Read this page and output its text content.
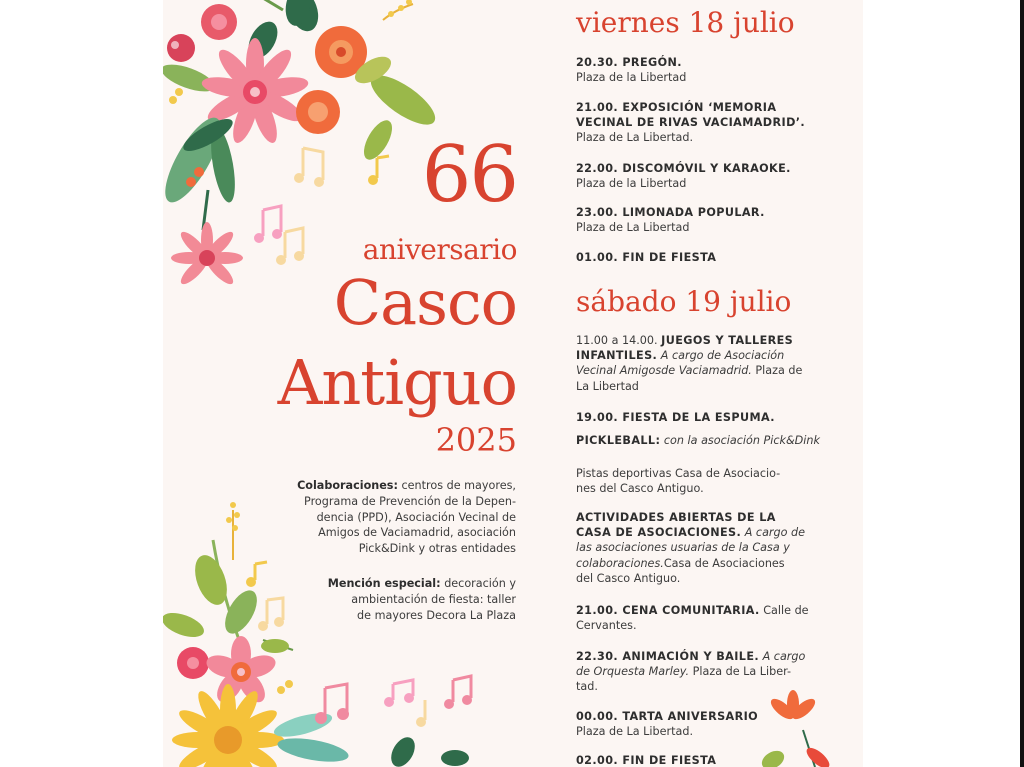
66
aniversario
Casco
Antiguo
2025
Colaboraciones: centros de mayores,
Programa de Prevención de la Depen-
dencia (PPD), Asociación Vecinal de
Amigos de Vaciamadrid, asociación
Pick&Dink y otras entidades
Mención especial: decoración y
ambientación de fiesta: taller
de mayores Decora La Plaza
viernes 18 julio
20.30. PREGÓN.
Plaza de la Libertad
21.00. EXPOSICIÓN ‘MEMORIA
VECINAL DE RIVAS VACIAMADRID’.
Plaza de La Libertad.
22.00. DISCOMÓVIL Y KARAOKE.
Plaza de la Libertad
23.00. LIMONADA POPULAR.
Plaza de La Libertad
01.00. FIN DE FIESTA
sábado 19 julio
11.00 a 14.00. JUEGOS Y TALLERES
INFANTILES. A cargo de Asociación
Vecinal Amigosde Vaciamadrid. Plaza de
La Libertad
19.00. FIESTA DE LA ESPUMA.
PICKLEBALL: con la asociación Pick&Dink
Pistas deportivas Casa de Asociacio-
nes del Casco Antiguo.
ACTIVIDADES ABIERTAS DE LA
CASA DE ASOCIACIONES. A cargo de
las asociaciones usuarias de la Casa y
colaboraciones.Casa de Asociaciones
del Casco Antiguo.
21.00. CENA COMUNITARIA. Calle de
Cervantes.
22.30. ANIMACIÓN Y BAILE. A cargo
de Orquesta Marley. Plaza de La Liber-
tad.
00.00. TARTA ANIVERSARIO
Plaza de La Libertad.
02.00. FIN DE FIESTA
